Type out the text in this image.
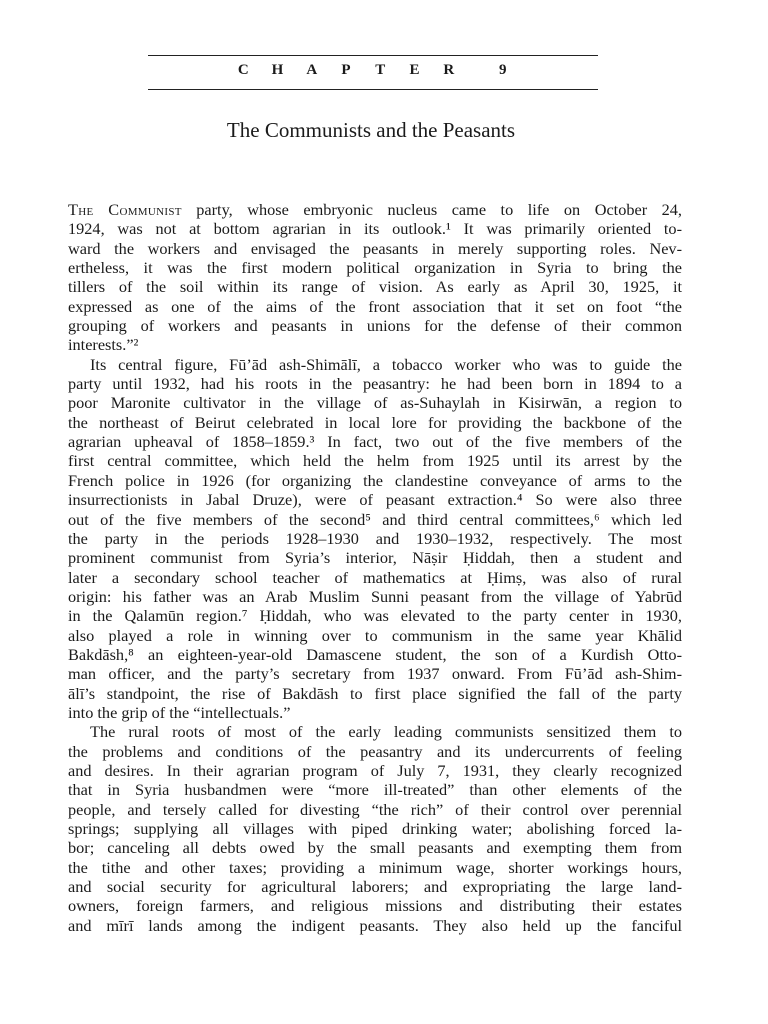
C H A P T E R	9
The Communists and the Peasants
The Communist party, whose embryonic nucleus came to life on October 24,
1924, was not at bottom agrarian in its outlook.¹ It was primarily oriented to-
ward the workers and envisaged the peasants in merely supporting roles. Nev-
ertheless, it was the first modern political organization in Syria to bring the
tillers of the soil within its range of vision. As early as April 30, 1925, it
expressed as one of the aims of the front association that it set on foot “the
grouping of workers and peasants in unions for the defense of their common
interests.”²
Its central figure, Fū’ād ash-Shimālī, a tobacco worker who was to guide the
party until 1932, had his roots in the peasantry: he had been born in 1894 to a
poor Maronite cultivator in the village of as-Suhaylah in Kisirwān, a region to
the northeast of Beirut celebrated in local lore for providing the backbone of the
agrarian upheaval of 1858–1859.³ In fact, two out of the five members of the
first central committee, which held the helm from 1925 until its arrest by the
French police in 1926 (for organizing the clandestine conveyance of arms to the
insurrectionists in Jabal Druze), were of peasant extraction.⁴ So were also three
out of the five members of the second⁵ and third central committees,⁶ which led
the party in the periods 1928–1930 and 1930–1932, respectively. The most
prominent communist from Syria’s interior, Nāṣir Ḥiddah, then a student and
later a secondary school teacher of mathematics at Ḥimṣ, was also of rural
origin: his father was an Arab Muslim Sunni peasant from the village of Yabrūd
in the Qalamūn region.⁷ Ḥiddah, who was elevated to the party center in 1930,
also played a role in winning over to communism in the same year Khālid
Bakdāsh,⁸ an eighteen-year-old Damascene student, the son of a Kurdish Otto-
man officer, and the party’s secretary from 1937 onward. From Fū’ād ash-Shim-
ālī’s standpoint, the rise of Bakdāsh to first place signified the fall of the party
into the grip of the “intellectuals.”
The rural roots of most of the early leading communists sensitized them to
the problems and conditions of the peasantry and its undercurrents of feeling
and desires. In their agrarian program of July 7, 1931, they clearly recognized
that in Syria husbandmen were “more ill-treated” than other elements of the
people, and tersely called for divesting “the rich” of their control over perennial
springs; supplying all villages with piped drinking water; abolishing forced la-
bor; canceling all debts owed by the small peasants and exempting them from
the tithe and other taxes; providing a minimum wage, shorter workings hours,
and social security for agricultural laborers; and expropriating the large land-
owners, foreign farmers, and religious missions and distributing their estates
and mīrī lands among the indigent peasants. They also held up the fanciful
